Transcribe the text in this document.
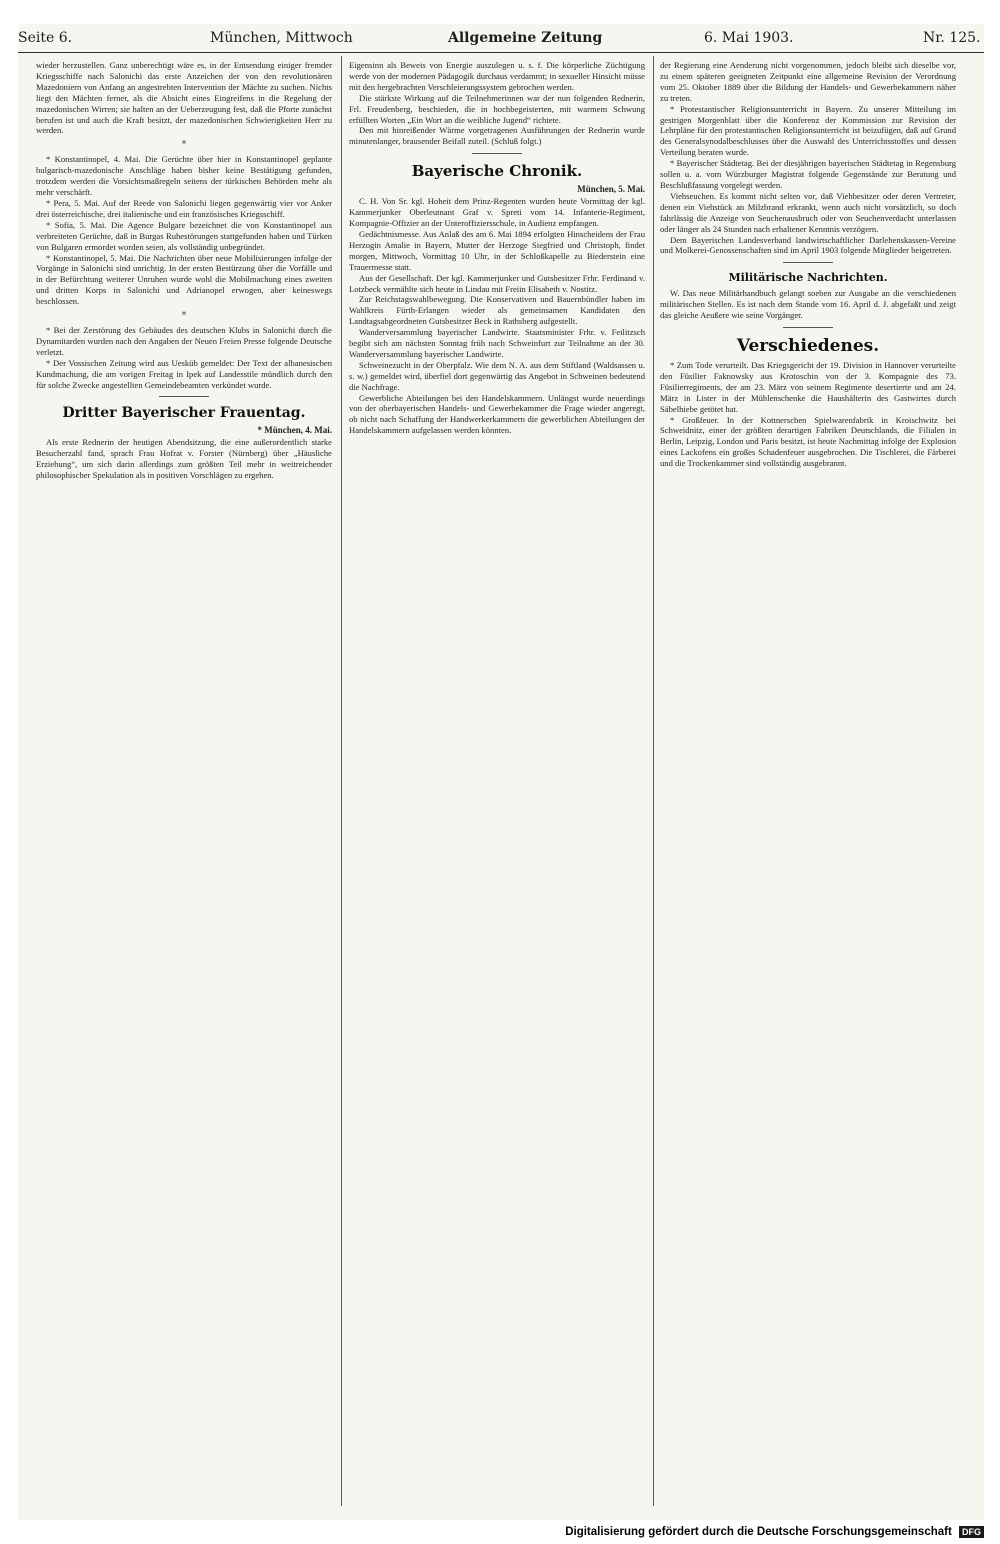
Seite 6.	München, Mittwoch	Allgemeine Zeitung	6. Mai 1903.	Nr. 125.

wieder herzustellen. Ganz unberechtigt wäre es, in der Entsendung einiger fremder Kriegsschiffe nach Salonichi das erste Anzeichen der von den revolutionären Mazedoniern von Anfang an angestrebten Intervention der Mächte zu suchen. Nichts liegt den Mächten ferner, als die Absicht eines Eingreifens in die Regelung der mazedonischen Wirren; sie halten an der Ueberzeugung fest, daß die Pforte zunächst berufen ist und auch die Kraft besitzt, der mazedonischen Schwierigkeiten Herr zu werden.

*

* Konstantinopel, 4. Mai. Die Gerüchte über hier in Konstantinopel geplante bulgarisch-mazedonische Anschläge haben bisher keine Bestätigung gefunden, trotzdem werden die Vorsichtsmaßregeln seitens der türkischen Behörden mehr als mehr verschärft.

* Pera, 5. Mai. Auf der Reede von Salonichi liegen gegenwärtig vier vor Anker drei österreichische, drei italienische und ein französisches Kriegsschiff.

* Sofia, 5. Mai. Die Agence Bulgare bezeichnet die von Konstantinopel aus verbreiteten Gerüchte, daß in Burgas Ruhestörungen stattgefunden haben und Türken von Bulgaren ermordet worden seien, als vollständig unbegründet.

* Konstantinopel, 5. Mai. Die Nachrichten über neue Mobilisierungen infolge der Vorgänge in Salonichi sind unrichtig. In der ersten Bestürzung über die Vorfälle und in der Befürchtung weiterer Unruhen wurde wohl die Mobilmachung eines zweiten und dritten Korps in Salonichi und Adrianopel erwogen, aber keineswegs beschlossen.

*

* Bei der Zerstörung des Gebäudes des deutschen Klubs in Salonichi durch die Dynamitarden wurden nach den Angaben der Neuen Freien Presse folgende Deutsche verletzt.

* Der Vossischen Zeitung wird aus Uesküb gemeldet: Der Text der albanesischen Kundmachung, die am vorigen Freitag in Ipek auf Landesstile mündlich durch den für solche Zwecke angestellten Gemeindebeamten verkündet wurde.

Dritter Bayerischer Frauentag.
* München, 4. Mai.

Als erste Rednerin der heutigen Abendsitzung, die eine außerordentlich starke Besucherzahl fand, sprach Frau Hofrat v. Forster (Nürnberg) über „Häusliche Erziehung“, um sich darin allerdings zum größten Teil mehr in weitreichender philosophischer Spekulation als in positiven Vorschlägen zu ergehen.

Eigensinn als Beweis von Energie auszulegen u. s. f. Die körperliche Züchtigung werde von der modernen Pädagogik durchaus verdammt; in sexueller Hinsicht müsse mit den hergebrachten Verschleierungssystem gebrochen werden.

Die stärkste Wirkung auf die Teilnehmerinnen war der nun folgenden Rednerin, Frl. Freudenberg, beschieden, die in hochbegeisterten, mit warmem Schwung erfüllten Worten „Ein Wort an die weibliche Jugend“ richtete.

Den mit hinreißender Wärme vorgetragenen Ausführungen der Rednerin wurde minutenlanger, brausender Beifall zuteil. (Schluß folgt.)

Bayerische Chronik.
München, 5. Mai.

C. H. Von Sr. kgl. Hoheit dem Prinz-Regenten wurden heute Vormittag der kgl. Kammerjunker Oberleutnant Graf v. Spreti vom 14. Infanterie-Regiment, Kompagnie-Offizier an der Unteroffiziersschule, in Audienz empfangen.

Gedächtnismesse. Aus Anlaß des am 6. Mai 1894 erfolgten Hinscheidens der Frau Herzogin Amalie in Bayern, Mutter der Herzoge Siegfried und Christoph, findet morgen, Mittwoch, Vormittag 10 Uhr, in der Schloßkapelle zu Biederstein eine Trauermesse statt.

Aus der Gesellschaft. Der kgl. Kammerjunker und Gutsbesitzer Frhr. Ferdinand v. Lotzbeck vermählte sich heute in Lindau mit Freiin Elisabeth v. Nostitz.

Zur Reichstagswahlbewegung. Die Konservativen und Bauernbündler haben im Wahlkreis Fürth-Erlangen wieder als gemeinsamen Kandidaten den Landtagsabgeordneten Gutsbesitzer Beck in Rathsberg aufgestellt.

Wanderversammlung bayerischer Landwirte. Staatsminister Frhr. v. Feilitzsch begibt sich am nächsten Sonntag früh nach Schweinfurt zur Teilnahme an der 30. Wanderversammlung bayerischer Landwirte.

Schweinezucht in der Oberpfalz. Wie dem N. A. aus dem Stiftland (Waldsassen u. s. w.) gemeldet wird, überfiel dort gegenwärtig das Angebot in Schweinen bedeutend die Nachfrage.

Gewerbliche Abteilungen bei den Handelskammern. Unlängst wurde neuerdings von der oberbayerischen Handels- und Gewerbekammer die Frage wieder angeregt, ob nicht nach Schaffung der Handwerkerkammern die gewerblichen Abteilungen der Handelskammern aufgelassen werden könnten.

der Regierung eine Aenderung nicht vorgenommen, jedoch bleibt sich dieselbe vor, zu einem späteren geeigneten Zeitpunkt eine allgemeine Revision der Verordnung vom 25. Oktober 1889 über die Bildung der Handels- und Gewerbekammern näher zu treten.

* Protestantischer Religionsunterricht in Bayern. Zu unserer Mitteilung im gestrigen Morgenblatt über die Konferenz der Kommission zur Revision der Lehrpläne für den protestantischen Religionsunterricht ist beizufügen, daß auf Grund des Generalsynodalbeschlusses über die Auswahl des Unterrichtsstoffes und dessen Verteilung beraten wurde.

* Bayerischer Städtetag. Bei der diesjährigen bayerischen Städtetag in Regensburg sollen u. a. vom Würzburger Magistrat folgende Gegenstände zur Beratung und Beschlußfassung vorgelegt werden.

Viehseuchen. Es kommt nicht selten vor, daß Viehbesitzer oder deren Vertreter, denen ein Viehstück an Milzbrand erkrankt, wenn auch nicht vorsätzlich, so doch fahrlässig die Anzeige von Seuchenausbruch oder von Seuchenverdacht unterlassen oder länger als 24 Stunden nach erhaltener Kenntnis verzögern.

Dem Bayerischen Landesverband landwirtschaftlicher Darlehenskassen-Vereine und Molkerei-Genossenschaften sind im April 1903 folgende Mitglieder beigetreten.

Militärische Nachrichten.

W. Das neue Militärhandbuch gelangt soeben zur Ausgabe an die verschiedenen militärischen Stellen. Es ist nach dem Stande vom 16. April d. J. abgefaßt und zeigt das gleiche Aeußere wie seine Vorgänger.

Verschiedenes.

* Zum Tode verurteilt. Das Kriegsgericht der 19. Division in Hannover verurteilte den Füsilier Faknowsky aus Krotoschin von der 3. Kompagnie des 73. Füsilierregiments, der am 23. März von seinem Regimente desertierte und am 24. März in Lister in der Mühlenschenke die Haushälterin des Gastwirtes durch Säbelhiebe getötet hat.

* Großfeuer. In der Kottnerschen Spielwarenfabrik in Kroischwitz bei Schweidnitz, einer der größten derartigen Fabriken Deutschlands, die Filialen in Berlin, Leipzig, London und Paris besitzt, ist heute Nachmittag infolge der Explosion eines Lackofens ein großes Schadenfeuer ausgebrochen. Die Tischlerei, die Färberei und die Trockenkammer sind vollständig ausgebrannt.

Digitalisierung gefördert durch die Deutsche Forschungsgemeinschaft DFG
